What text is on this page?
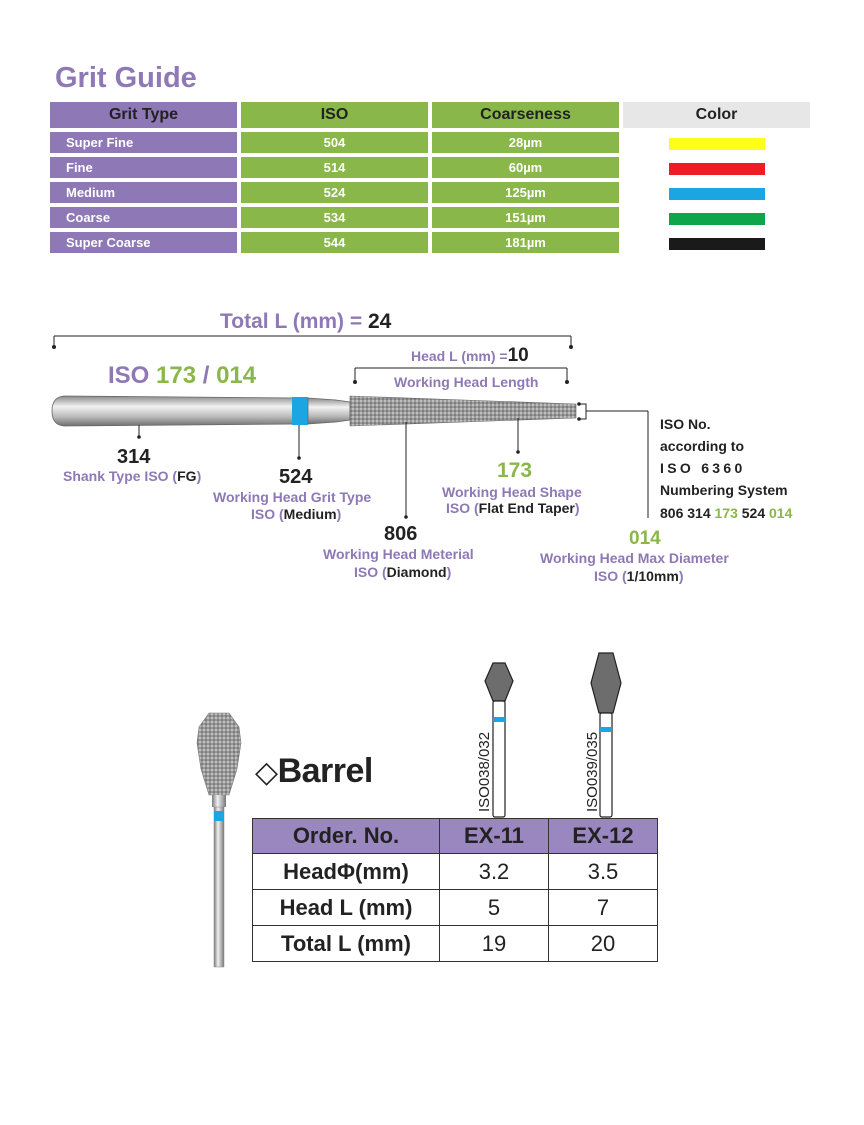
Grit Guide
Grit Type	ISO	Coarseness	Color
Super Fine	504	28µm	
Fine	514	60µm	
Medium	524	125µm	
Coarse	534	151µm	
Super Coarse	544	181µm	
Total L (mm) = 24
Head L (mm) =10
Working Head Length
ISO 173 / 014
314
Shank Type ISO (FG)	524
Working Head Grit Type
ISO (Medium)
806
Working Head Meterial
ISO (Diamond)
173
Working Head Shape
ISO (Flat End Taper)
014
Working Head Max Diameter
ISO (1/10mm)
ISO No.
according to
ISO 6360
Numbering System
806 314 173 524 014
ISO038/032	ISO039/035
◇Barrel
Order. No.	EX-11	EX-12
HeadΦ(mm)	3.2	3.5
Head L (mm)	5	7
Total L (mm)	19	20
